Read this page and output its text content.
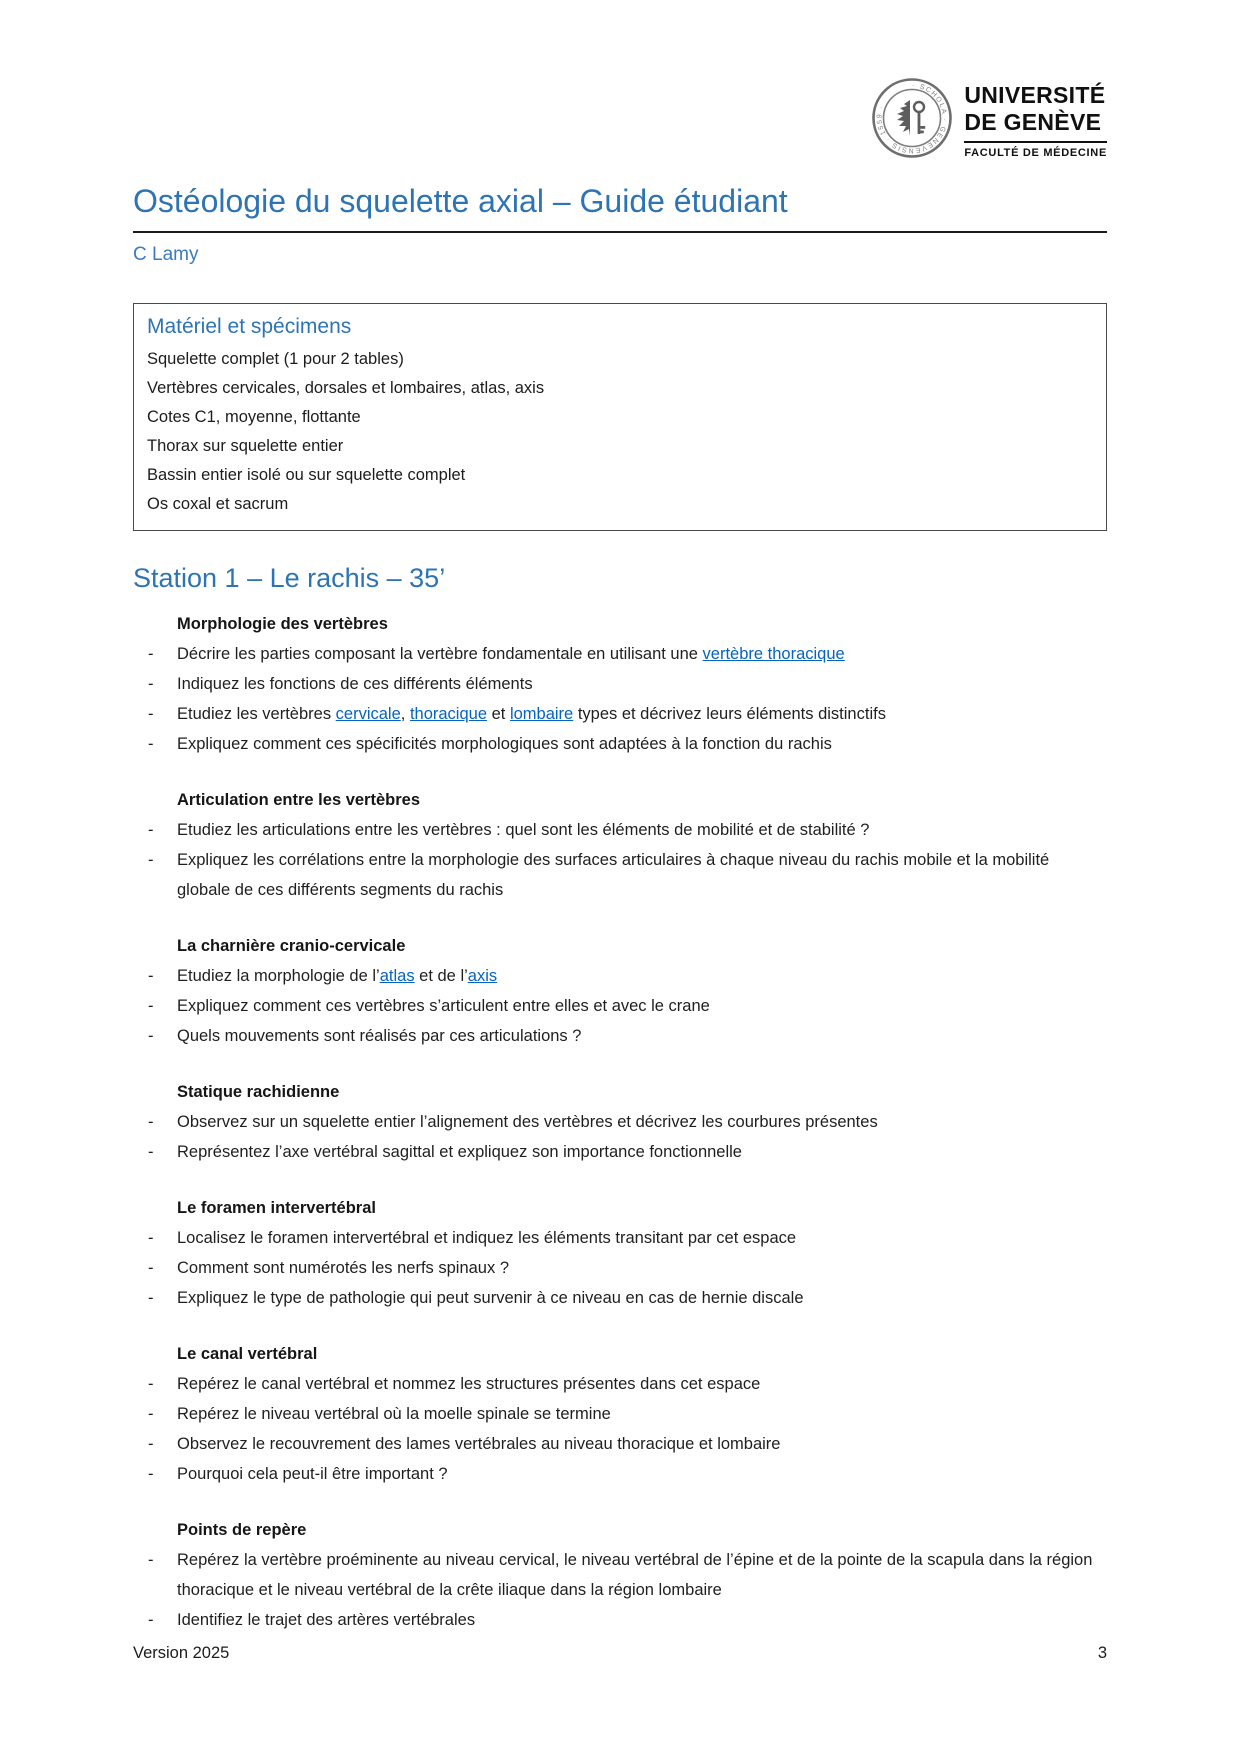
· SCHOLA · GENEVENSIS · 1559 ·	UNIVERSITÉ
DE GENÈVE
FACULTÉ DE MÉDECINE
Ostéologie du squelette axial – Guide étudiant
C Lamy
Matériel et spécimens
Squelette complet (1 pour 2 tables)
Vertèbres cervicales, dorsales et lombaires, atlas, axis
Cotes C1, moyenne, flottante
Thorax sur squelette entier
Bassin entier isolé ou sur squelette complet
Os coxal et sacrum
Station 1 – Le rachis – 35’
Morphologie des vertèbres
-	Décrire les parties composant la vertèbre fondamentale en utilisant une vertèbre thoracique

-	Indiquez les fonctions de ces différents éléments

-	Etudiez les vertèbres cervicale, thoracique et lombaire types et décrivez leurs éléments distinctifs

-	Expliquez comment ces spécificités morphologiques sont adaptées à la fonction du rachis

Articulation entre les vertèbres
-	Etudiez les articulations entre les vertèbres : quel sont les éléments de mobilité et de stabilité ?

-	Expliquez les corrélations entre la morphologie des surfaces articulaires à chaque niveau du rachis mobile et la mobilité globale de ces différents segments du rachis

La charnière cranio-cervicale
-	Etudiez la morphologie de l’atlas et de l’axis

-	Expliquez comment ces vertèbres s’articulent entre elles et avec le crane

-	Quels mouvements sont réalisés par ces articulations ?

Statique rachidienne
-	Observez sur un squelette entier l’alignement des vertèbres et décrivez les courbures présentes

-	Représentez l’axe vertébral sagittal et expliquez son importance fonctionnelle

Le foramen intervertébral
-	Localisez le foramen intervertébral et indiquez les éléments transitant par cet espace

-	Comment sont numérotés les nerfs spinaux ?

-	Expliquez le type de pathologie qui peut survenir à ce niveau en cas de hernie discale

Le canal vertébral
-	Repérez le canal vertébral et nommez les structures présentes dans cet espace

-	Repérez le niveau vertébral où la moelle spinale se termine

-	Observez le recouvrement des lames vertébrales au niveau thoracique et lombaire

-	Pourquoi cela peut-il être important ?

Points de repère
-	Repérez la vertèbre proéminente au niveau cervical, le niveau vertébral de l’épine et de la pointe de la scapula dans la région thoracique et le niveau vertébral de la crête iliaque dans la région lombaire

-	Identifiez le trajet des artères vertébrales

Version 2025	3
